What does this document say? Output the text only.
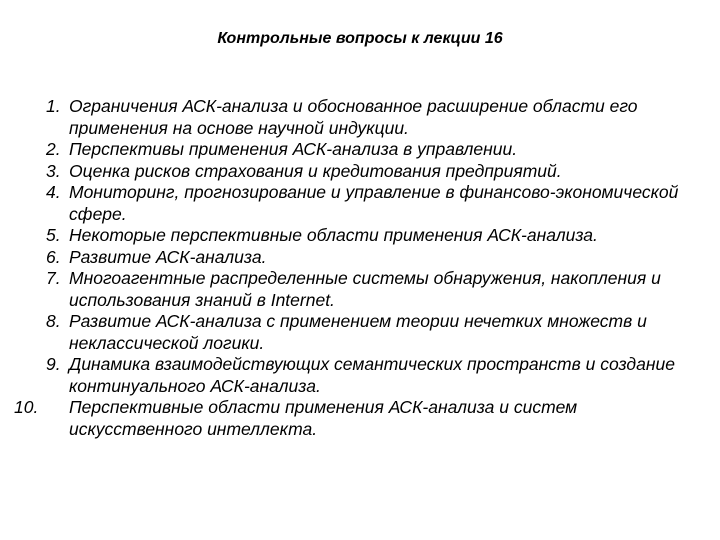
Контрольные вопросы к лекции 16
1. Ограничения АСК-анализа и обоснованное расширение области его применения на основе научной индукции.
2. Перспективы применения АСК-анализа в управлении.
3. Оценка рисков страхования и кредитования предприятий.
4. Мониторинг, прогнозирование и управление в финансово-экономической сфере.
5. Некоторые перспективные области применения АСК-анализа.
6. Развитие АСК-анализа.
7. Многоагентные распределенные системы обнаружения, накопления и использования знаний в Internet.
8. Развитие АСК-анализа с применением теории нечетких множеств и неклассической логики.
9. Динамика взаимодействующих семантических пространств и создание континуального АСК-анализа.
10. Перспективные области применения АСК-анализа и систем искусственного интеллекта.
